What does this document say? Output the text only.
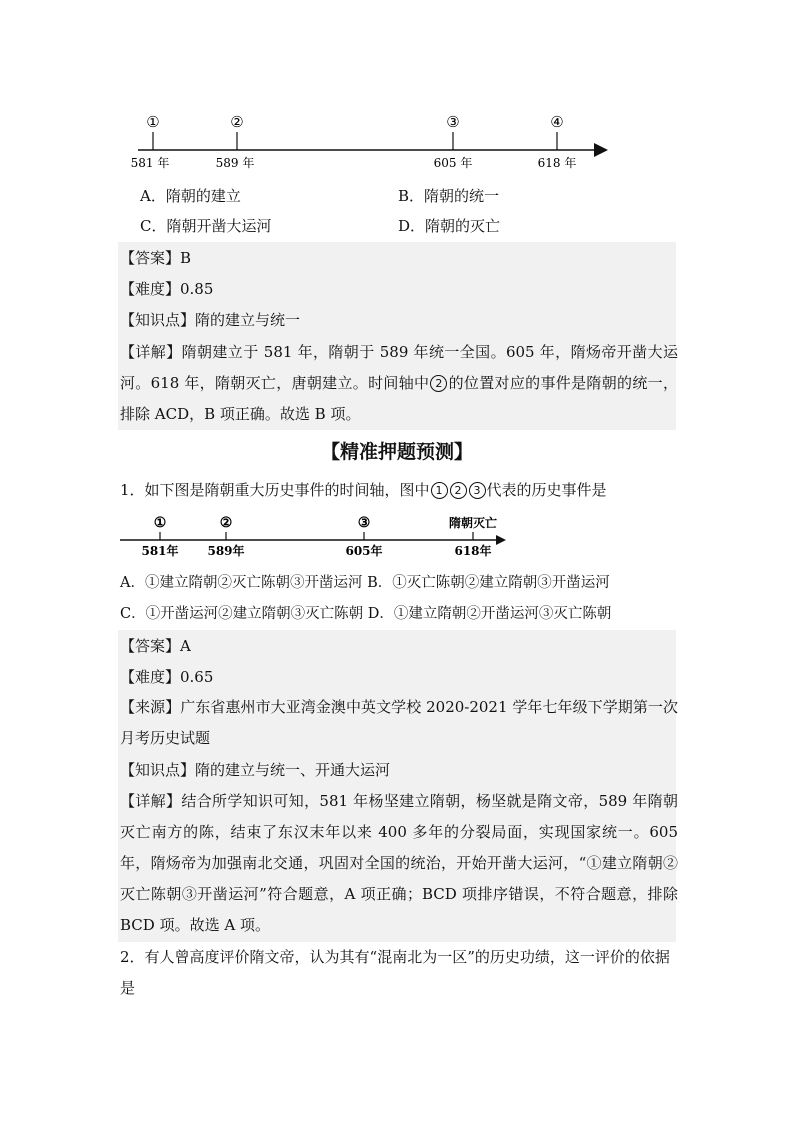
①	②	③	④
581 年	589 年	605 年	618 年
A．隋朝的建立	B．隋朝的统一
C．隋朝开凿大运河	D．隋朝的灭亡
【答案】B
【难度】0.85
【知识点】隋的建立与统一
【详解】隋朝建立于 581 年，隋朝于 589 年统一全国。605 年，隋炀帝开凿大运河。618 年，隋朝灭亡，唐朝建立。时间轴中 2 的位置对应的事件是隋朝的统一，排除 ACD，B 项正确。故选 B 项。
【精准押题预测】
1．如下图是隋朝重大历史事件的时间轴，图中 1 2 3 代表的历史事件是
①	②	③	隋朝灭亡
581年 589年	605年	618年
A．①建立隋朝②灭亡陈朝③开凿运河 B．①灭亡陈朝②建立隋朝③开凿运河
C．①开凿运河②建立隋朝③灭亡陈朝 D．①建立隋朝②开凿运河③灭亡陈朝
【答案】A
【难度】0.65
【来源】广东省惠州市大亚湾金澳中英文学校 2020-2021 学年七年级下学期第一次月考历史试题
【知识点】隋的建立与统一、开通大运河
【详解】结合所学知识可知，581 年杨坚建立隋朝，杨坚就是隋文帝，589 年隋朝灭亡南方的陈，结束了东汉末年以来 400 多年的分裂局面，实现国家统一。605 年，隋炀帝为加强南北交通，巩固对全国的统治，开始开凿大运河，“①建立隋朝②灭亡陈朝③开凿运河”符合题意，A 项正确；BCD 项排序错误，不符合题意，排除 BCD 项。故选 A 项。
2．有人曾高度评价隋文帝，认为其有“混南北为一区”的历史功绩，这一评价的依据是
